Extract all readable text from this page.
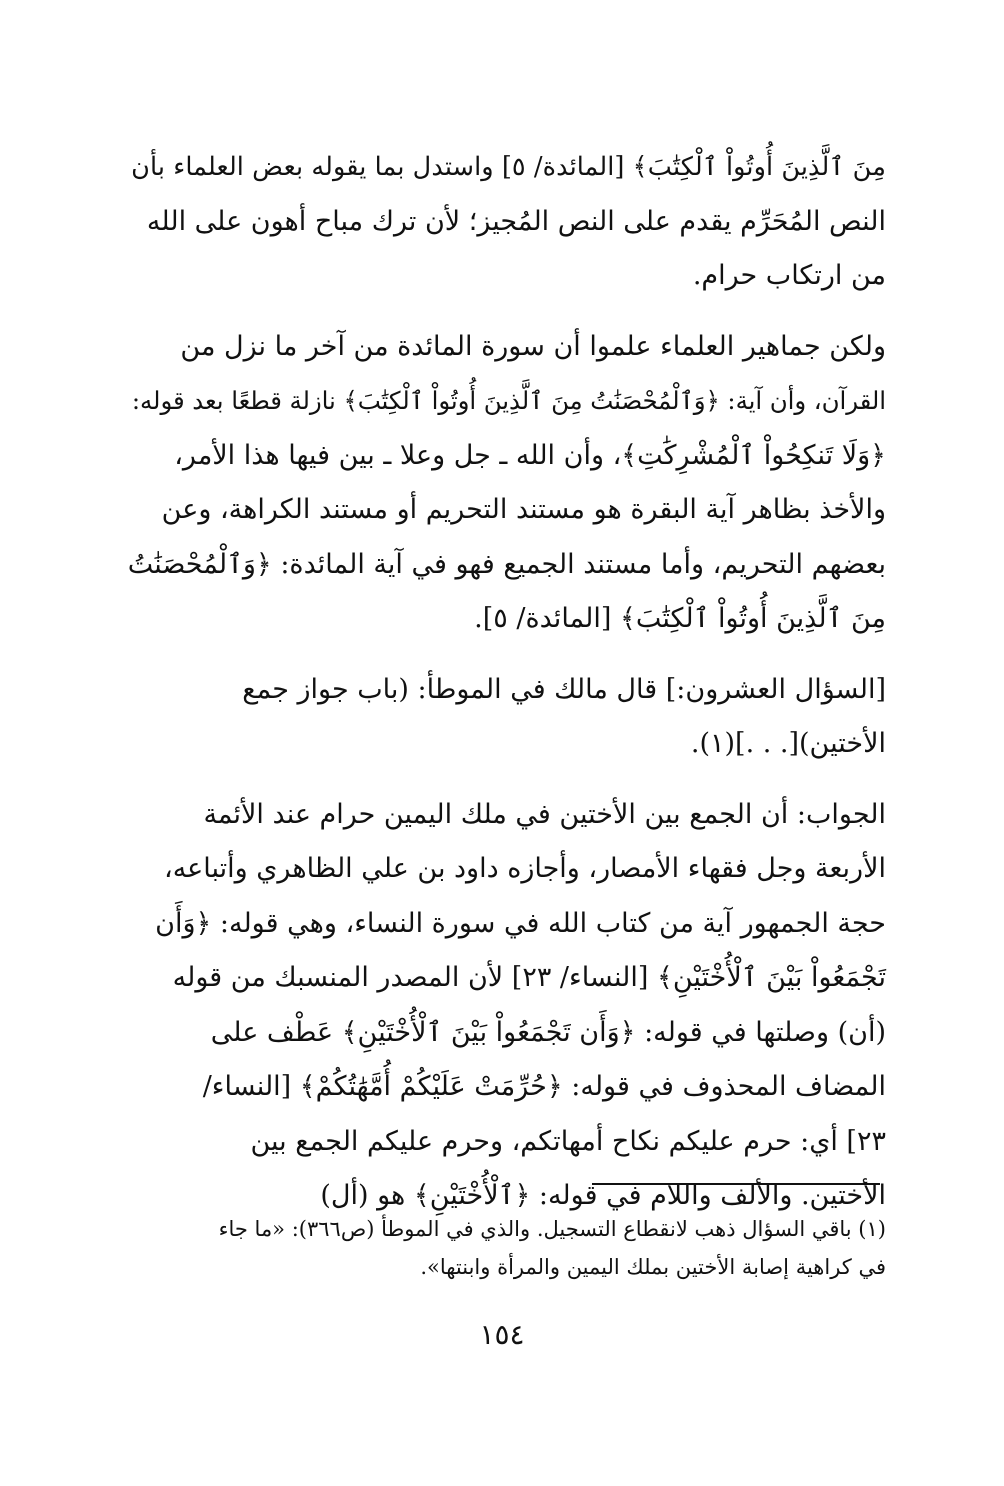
مِنَ ٱلَّذِينَ أُوتُواْ ٱلْكِتَٰبَ﴾ [المائدة/ ٥] واستدل بما يقوله بعض العلماء بأن
النص المُحَرِّم يقدم على النص المُجيز؛ لأن ترك مباح أهون على الله
من ارتكاب حرام.

ولكن جماهير العلماء علموا أن سورة المائدة من آخر ما نزل من
القرآن، وأن آية: ﴿وَٱلْمُحْصَنَٰتُ مِنَ ٱلَّذِينَ أُوتُواْ ٱلْكِتَٰبَ﴾ نازلة قطعًا بعد قوله:
﴿وَلَا تَنكِحُواْ ٱلْمُشْرِكَٰتِ﴾، وأن الله ـ جل وعلا ـ بين فيها هذا الأمر،
والأخذ بظاهر آية البقرة هو مستند التحريم أو مستند الكراهة، وعن
بعضهم التحريم، وأما مستند الجميع فهو في آية المائدة: ﴿وَٱلْمُحْصَنَٰتُ
مِنَ ٱلَّذِينَ أُوتُواْ ٱلْكِتَٰبَ﴾ [المائدة/ ٥].

[السؤال العشرون:] قال مالك في الموطأ: (باب جواز جمع
الأختين)[. . .](١).

الجواب: أن الجمع بين الأختين في ملك اليمين حرام عند الأئمة
الأربعة وجل فقهاء الأمصار، وأجازه داود بن علي الظاهري وأتباعه،
حجة الجمهور آية من كتاب الله في سورة النساء، وهي قوله: ﴿وَأَن
تَجْمَعُواْ بَيْنَ ٱلْأُخْتَيْنِ﴾ [النساء/ ٢٣] لأن المصدر المنسبك من قوله
(أن) وصلتها في قوله: ﴿وَأَن تَجْمَعُواْ بَيْنَ ٱلْأُخْتَيْنِ﴾ عَطْف على
المضاف المحذوف في قوله: ﴿حُرِّمَتْ عَلَيْكُمْ أُمَّهَٰتُكُمْ﴾ [النساء/
٢٣] أي: حرم عليكم نكاح أمهاتكم، وحرم عليكم الجمع بين
الأختين. والألف واللام في قوله: ﴿ٱلْأُخْتَيْنِ﴾ هو (أل)

(١) باقي السؤال ذهب لانقطاع التسجيل. والذي في الموطأ (ص٣٦٦): «ما جاء
في كراهية إصابة الأختين بملك اليمين والمرأة وابنتها».
١٥٤
